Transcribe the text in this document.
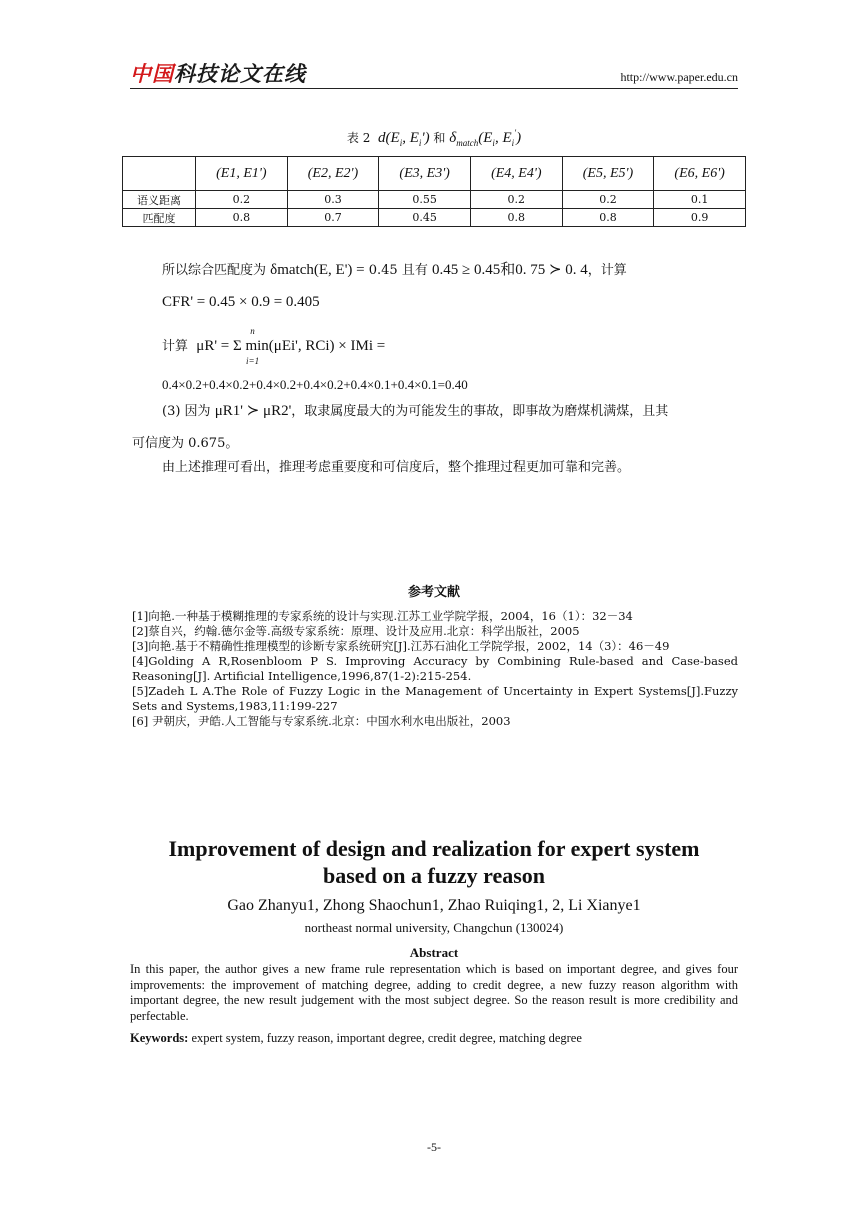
中国科技论文在线	http://www.paper.edu.cn
表 2 $d(E_i$, $E_i'$) 和 $\delta_{match}(E_i$, $E_i'$)
	(E1, E1')	(E2, E2')	(E3, E3')	(E4, E4')	(E5, E5')	(E6, E6')
语义距离	0.2	0.3	0.55	0.2	0.2	0.1
匹配度	0.8	0.7	0.45	0.8	0.8	0.9
所以综合匹配度为 δmatch(E, E') = 0.45 且有 0.45 ≥ 0.45和0. 75 ≻ 0. 4，计算
CFR' = 0.45 × 0.9 = 0.405
计算 μR' = Σ min(μEi', RCi) × IMi =
n
i=1
0.4×0.2+0.4×0.2+0.4×0.2+0.4×0.2+0.4×0.1+0.4×0.1=0.40
(3) 因为 μR1' ≻ μR2'，取隶属度最大的为可能发生的事故，即事故为磨煤机满煤，且其
可信度为 0.675。
由上述推理可看出，推理考虑重要度和可信度后，整个推理过程更加可靠和完善。
参考文献
[1]向艳.一种基于模糊推理的专家系统的设计与实现.江苏工业学院学报，2004，16（1）：32－34
[2]蔡自兴，约翰.德尔金等.高级专家系统：原理、设计及应用.北京：科学出版社，2005
[3]向艳.基于不精确性推理模型的诊断专家系统研究[J].江苏石油化工学院学报，2002，14（3）：46－49
[4]Golding A R,Rosenbloom P S. Improving Accuracy by Combining Rule-based and Case-based Reasoning[J]. Artificial Intelligence,1996,87(1-2):215-254.
[5]Zadeh L A.The Role of Fuzzy Logic in the Management of Uncertainty in Expert Systems[J].Fuzzy Sets and Systems,1983,11:199-227
[6] 尹朝庆，尹皓.人工智能与专家系统.北京：中国水利水电出版社，2003
Improvement of design and realization for expert system
based on a fuzzy reason
Gao Zhanyu1, Zhong Shaochun1, Zhao Ruiqing1, 2, Li Xianye1
northeast normal university, Changchun (130024)
Abstract
In this paper, the author gives a new frame rule representation which is based on important degree, and gives four improvements: the improvement of matching degree, adding to credit degree, a new fuzzy reason algorithm with important degree, the new result judgement with the most subject degree. So the reason result is more credibility and perfectable.
Keywords: expert system, fuzzy reason, important degree, credit degree, matching degree
-5-
